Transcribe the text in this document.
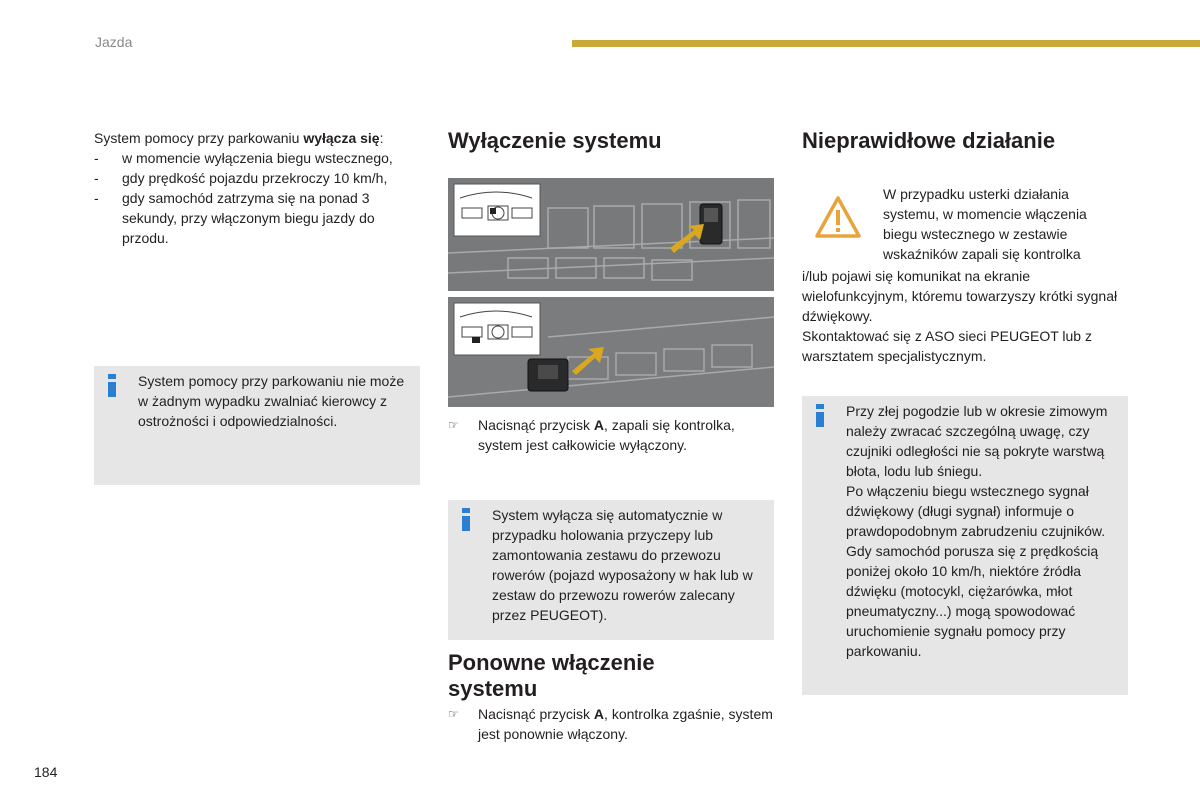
Jazda

System pomocy przy parkowaniu wyłącza się:

- w momencie wyłączenia biegu wstecznego,
- gdy prędkość pojazdu przekroczy 10 km/h,
- gdy samochód zatrzyma się na ponad 3 sekundy, przy włączonym biegu jazdy do przodu.

System pomocy przy parkowaniu nie może w żadnym wypadku zwalniać kierowcy z ostrożności i odpowiedzialności.

Wyłączenie systemu

☞ Nacisnąć przycisk A, zapali się kontrolka, system jest całkowicie wyłączony.

System wyłącza się automatycznie w przypadku holowania przyczepy lub zamontowania zestawu do przewozu rowerów (pojazd wyposażony w hak lub w zestaw do przewozu rowerów zalecany przez PEUGEOT).

Ponowne włączenie systemu

☞ Nacisnąć przycisk A, kontrolka zgaśnie, system jest ponownie włączony.

Nieprawidłowe działanie

W przypadku usterki działania

systemu, w momencie włączenia

biegu wstecznego w zestawie

wskaźników zapali się kontrolka

i/lub pojawi się komunikat na ekranie wielofunkcyjnym, któremu towarzyszy krótki sygnał dźwiękowy.

Skontaktować się z ASO sieci PEUGEOT lub z warsztatem specjalistycznym.

Przy złej pogodzie lub w okresie zimowym należy zwracać szczególną uwagę, czy czujniki odległości nie są pokryte warstwą błota, lodu lub śniegu.

Po włączeniu biegu wstecznego sygnał dźwiękowy (długi sygnał) informuje o prawdopodobnym zabrudzeniu czujników.

Gdy samochód porusza się z prędkością poniżej około 10 km/h, niektóre źródła dźwięku (motocykl, ciężarówka, młot pneumatyczny...) mogą spowodować uruchomienie sygnału pomocy przy parkowaniu.

184
